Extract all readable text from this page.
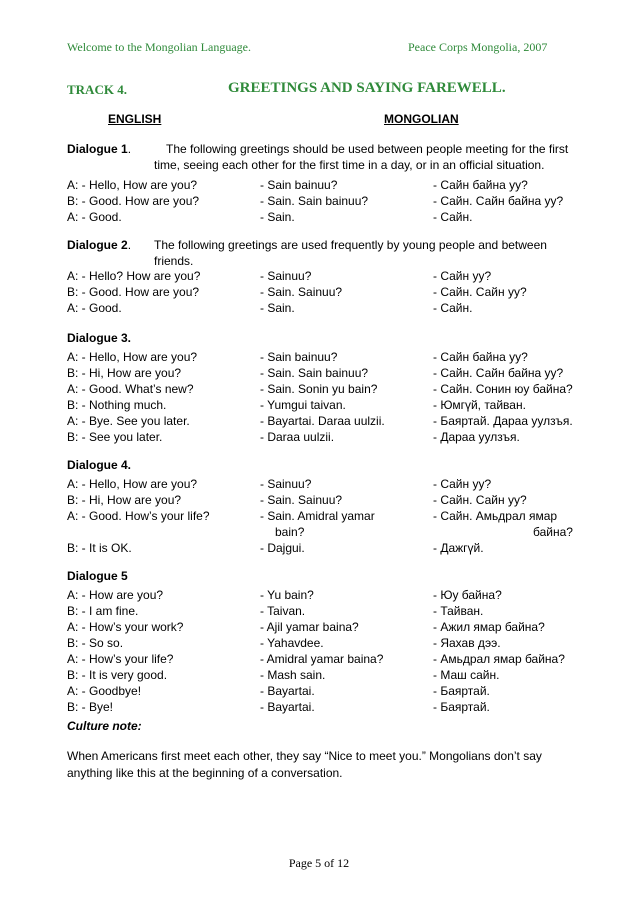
Welcome to the Mongolian Language.	Peace Corps Mongolia, 2007
TRACK 4.	GREETINGS AND SAYING FAREWELL.
ENGLISH	MONGOLIAN
Dialogue 1.	The following greetings should be used between people meeting for the first
time, seeing each other for the first time in a day, or in an official situation.
A: - Hello, How are you?	- Sain bainuu?	- Сайн байна уу?
B: - Good. How are you?	- Sain. Sain bainuu?	- Сайн. Сайн байна уу?
A: - Good.	- Sain.	- Сайн.
Dialogue 2. The following greetings are used frequently by young people and between
friends.
A: - Hello? How are you?	- Sainuu?	- Сайн уу?
B: - Good. How are you?	- Sain. Sainuu?	- Сайн. Сайн уу?
A: - Good.	- Sain.	- Сайн.
Dialogue 3.
A: - Hello, How are you?	- Sain bainuu?	- Сайн байна уу?
B: - Hi, How are you?	- Sain. Sain bainuu?	- Сайн. Сайн байна уу?
A: - Good. What’s new?	- Sain. Sonin yu bain?	- Сайн. Сонин юу байна?
B: - Nothing much.	- Yumgui taivan.	- Юмгүй, тайван.
A: - Bye. See you later.	- Bayartai. Daraa uulzii.	- Баяртай. Дараа уулзъя.
B: - See you later.	- Daraa uulzii.	- Дараа уулзъя.
Dialogue 4.
A: - Hello, How are you?	- Sainuu?	- Сайн уу?
B: - Hi, How are you?	- Sain. Sainuu?	- Сайн. Сайн уу?
A: - Good. How’s your life?	- Sain. Amidral yamar	- Сайн. Амьдрал ямар
bain?	байна?
B: - It is OK.	- Dajgui.	- Дажгүй.
Dialogue 5
A: - How are you?	- Yu bain?	- Юу байна?
B: - I am fine.	- Taivan.	- Тайван.
A: - How’s your work?	- Ajil yamar baina?	- Ажил ямар байна?
B: - So so.	- Yahavdee.	- Яахав дээ.
A: - How’s your life?	- Amidral yamar baina?	- Амьдрал ямар байна?
B: - It is very good.	- Mash sain.	- Маш сайн.
A: - Goodbye!	- Bayartai.	- Баяртай.
B: - Bye!	- Bayartai.	- Баяртай.
Culture note:
When Americans first meet each other, they say “Nice to meet you.” Mongolians don’t say
anything like this at the beginning of a conversation.
Page 5 of 12
